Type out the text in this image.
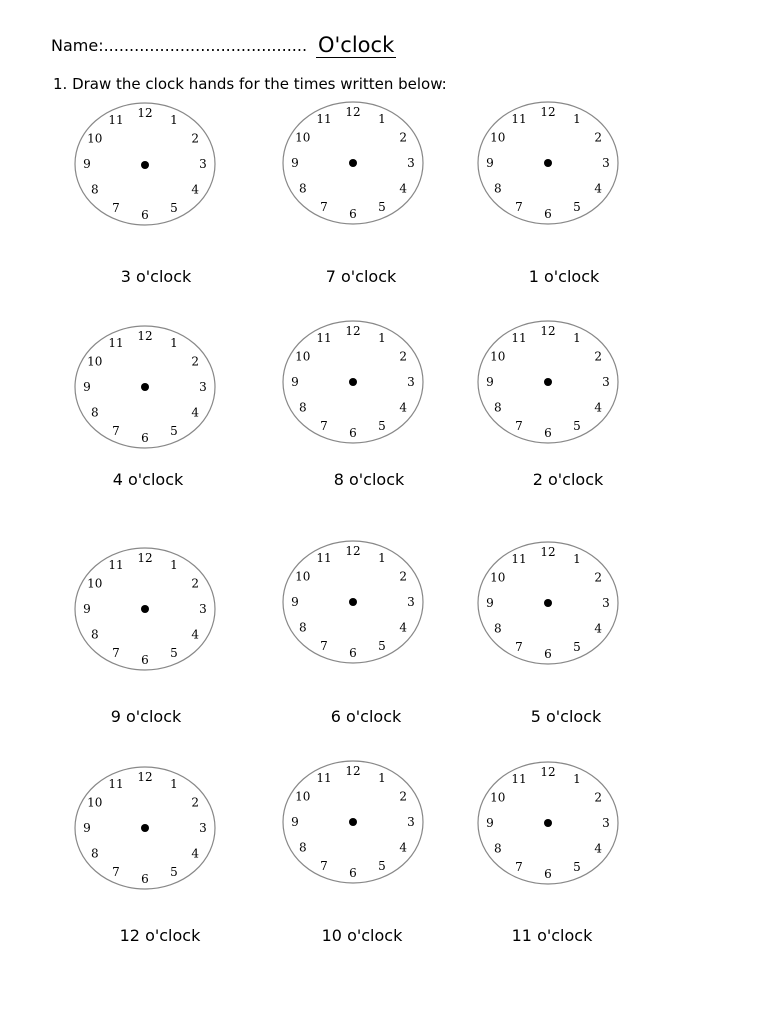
Name:........................................ O'clock
1. Draw the clock hands for the times written below:
12 1
2
3
4
5
6
7
8
9
10
11
3 o'clock
12 1
2
3
4
5
6
7
8
9
10
11
7 o'clock
12 1
2
3
4
5
6
7
8
9
10
11
1 o'clock
12 1
2
3
4
5
6
7
8
9
10
11
4 o'clock
12 1
2
3
4
5
6
7
8
9
10
11
8 o'clock
12 1
2
3
4
5
6
7
8
9
10
11
2 o'clock
12 1
2
3
4
5
6
7
8
9
10
11
9 o'clock
12 1
2
3
4
5
6
7
8
9
10
11
6 o'clock
12 1
2
3
4
5
6
7
8
9
10
11
5 o'clock
12 1
2
3
4
5
6
7
8
9
10
11
12 o'clock
12 1
2
3
4
5
6
7
8
9
10
11
10 o'clock
12 1
2
3
4
5
6
7
8
9
10
11
11 o'clock
